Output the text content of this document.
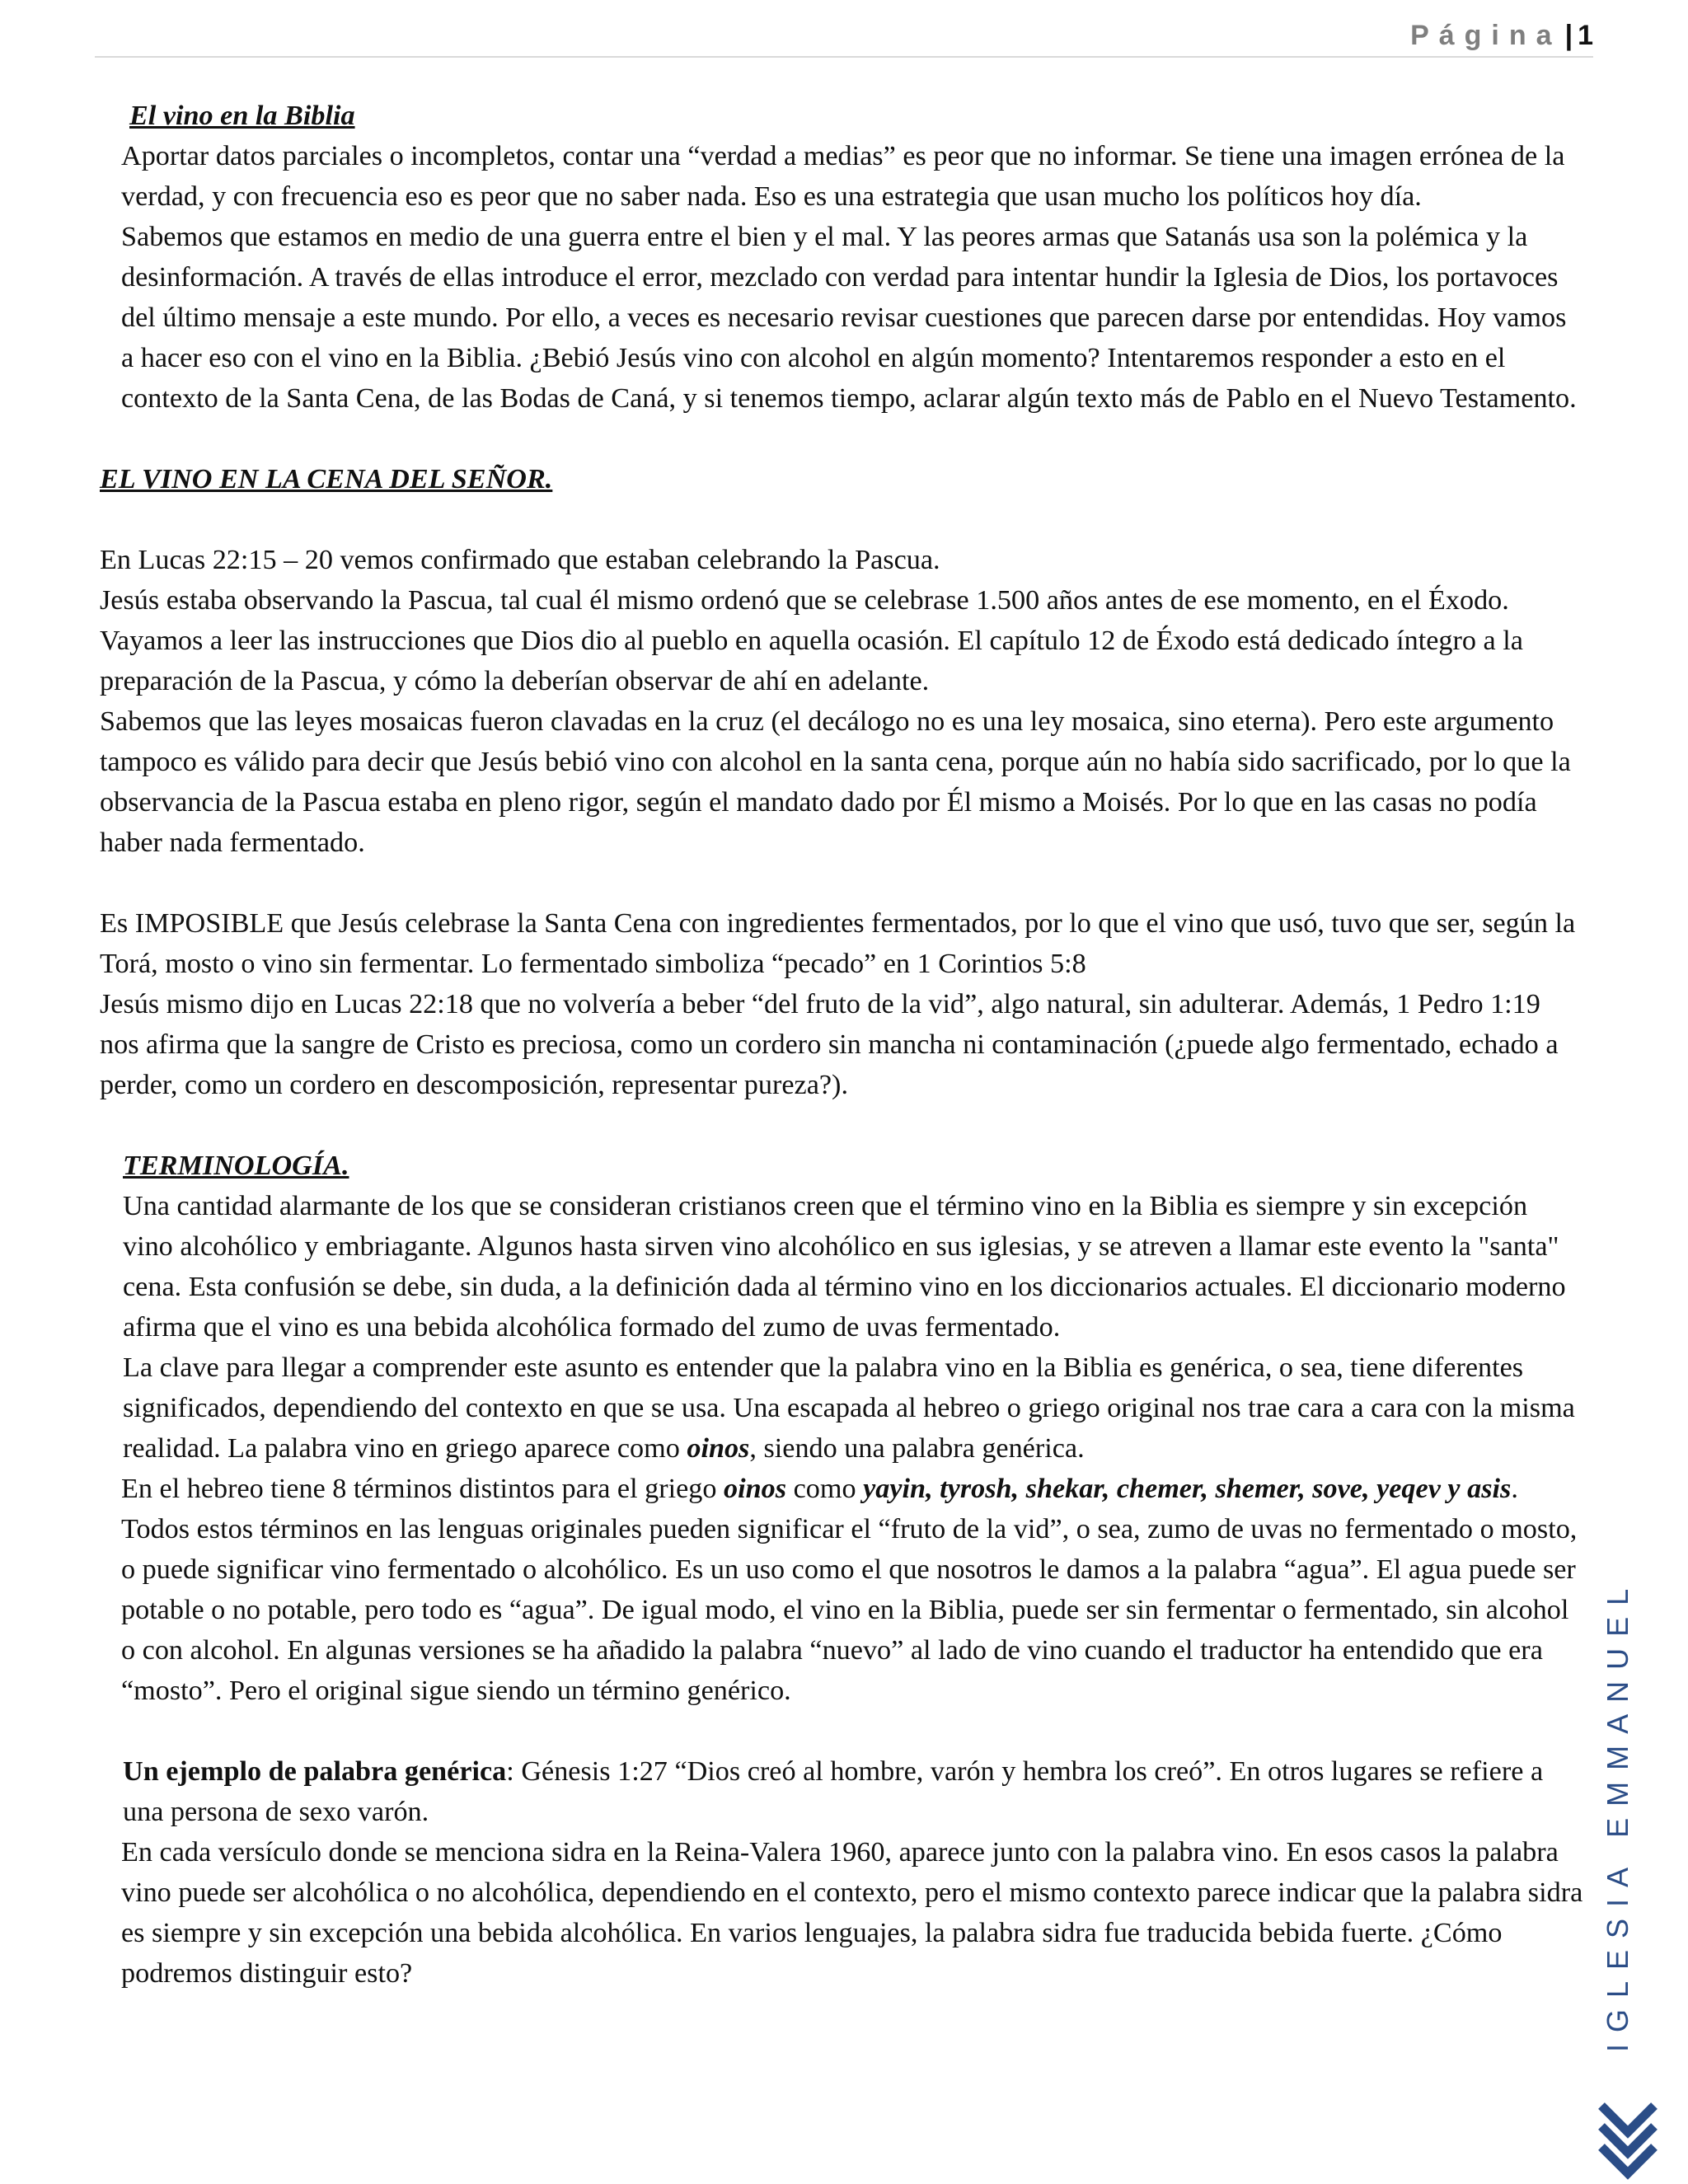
Página | 1

El vino en la Biblia

Aportar datos parciales o incompletos, contar una “verdad a medias” es peor que no informar. Se tiene una imagen errónea de la verdad, y con frecuencia eso es peor que no saber nada. Eso es una estrategia que usan mucho los políticos hoy día.

Sabemos que estamos en medio de una guerra entre el bien y el mal. Y las peores armas que Satanás usa son la polémica y la desinformación. A través de ellas introduce el error, mezclado con verdad para intentar hundir la Iglesia de Dios, los portavoces del último mensaje a este mundo. Por ello, a veces es necesario revisar cuestiones que parecen darse por entendidas. Hoy vamos a hacer eso con el vino en la Biblia. ¿Bebió Jesús vino con alcohol en algún momento? Intentaremos responder a esto en el contexto de la Santa Cena, de las Bodas de Caná, y si tenemos tiempo, aclarar algún texto más de Pablo en el Nuevo Testamento.

EL VINO EN LA CENA DEL SEÑOR.

En Lucas 22:15 – 20 vemos confirmado que estaban celebrando la Pascua.

Jesús estaba observando la Pascua, tal cual él mismo ordenó que se celebrase 1.500 años antes de ese momento, en el Éxodo. Vayamos a leer las instrucciones que Dios dio al pueblo en aquella ocasión. El capítulo 12 de Éxodo está dedicado íntegro a la preparación de la Pascua, y cómo la deberían observar de ahí en adelante.

Sabemos que las leyes mosaicas fueron clavadas en la cruz (el decálogo no es una ley mosaica, sino eterna). Pero este argumento tampoco es válido para decir que Jesús bebió vino con alcohol en la santa cena, porque aún no había sido sacrificado, por lo que la observancia de la Pascua estaba en pleno rigor, según el mandato dado por Él mismo a Moisés. Por lo que en las casas no podía haber nada fermentado.

Es IMPOSIBLE que Jesús celebrase la Santa Cena con ingredientes fermentados, por lo que el vino que usó, tuvo que ser, según la Torá, mosto o vino sin fermentar. Lo fermentado simboliza “pecado” en 1 Corintios 5:8

Jesús mismo dijo en Lucas 22:18 que no volvería a beber “del fruto de la vid”, algo natural, sin adulterar. Además, 1 Pedro 1:19 nos afirma que la sangre de Cristo es preciosa, como un cordero sin mancha ni contaminación (¿puede algo fermentado, echado a perder, como un cordero en descomposición, representar pureza?).

TERMINOLOGÍA.

Una cantidad alarmante de los que se consideran cristianos creen que el término vino en la Biblia es siempre y sin excepción vino alcohólico y embriagante. Algunos hasta sirven vino alcohólico en sus iglesias, y se atreven a llamar este evento la "santa" cena. Esta confusión se debe, sin duda, a la definición dada al término vino en los diccionarios actuales. El diccionario moderno afirma que el vino es una bebida alcohólica formado del zumo de uvas fermentado.

La clave para llegar a comprender este asunto es entender que la palabra vino en la Biblia es genérica, o sea, tiene diferentes significados, dependiendo del contexto en que se usa. Una escapada al hebreo o griego original nos trae cara a cara con la misma realidad. La palabra vino en griego aparece como oinos, siendo una palabra genérica.

En el hebreo tiene 8 términos distintos para el griego oinos como yayin, tyrosh, shekar, chemer, shemer, sove, yeqev y asis. Todos estos términos en las lenguas originales pueden significar el “fruto de la vid”, o sea, zumo de uvas no fermentado o mosto, o puede significar vino fermentado o alcohólico. Es un uso como el que nosotros le damos a la palabra “agua”. El agua puede ser potable o no potable, pero todo es “agua”. De igual modo, el vino en la Biblia, puede ser sin fermentar o fermentado, sin alcohol o con alcohol. En algunas versiones se ha añadido la palabra “nuevo” al lado de vino cuando el traductor ha entendido que era “mosto”. Pero el original sigue siendo un término genérico.

Un ejemplo de palabra genérica: Génesis 1:27 “Dios creó al hombre, varón y hembra los creó”. En otros lugares se refiere a una persona de sexo varón.

En cada versículo donde se menciona sidra en la Reina-Valera 1960, aparece junto con la palabra vino. En esos casos la palabra vino puede ser alcohólica o no alcohólica, dependiendo en el contexto, pero el mismo contexto parece indicar que la palabra sidra es siempre y sin excepción una bebida alcohólica. En varios lenguajes, la palabra sidra fue traducida bebida fuerte. ¿Cómo podremos distinguir esto?	IGLESIA EMMANUEL
